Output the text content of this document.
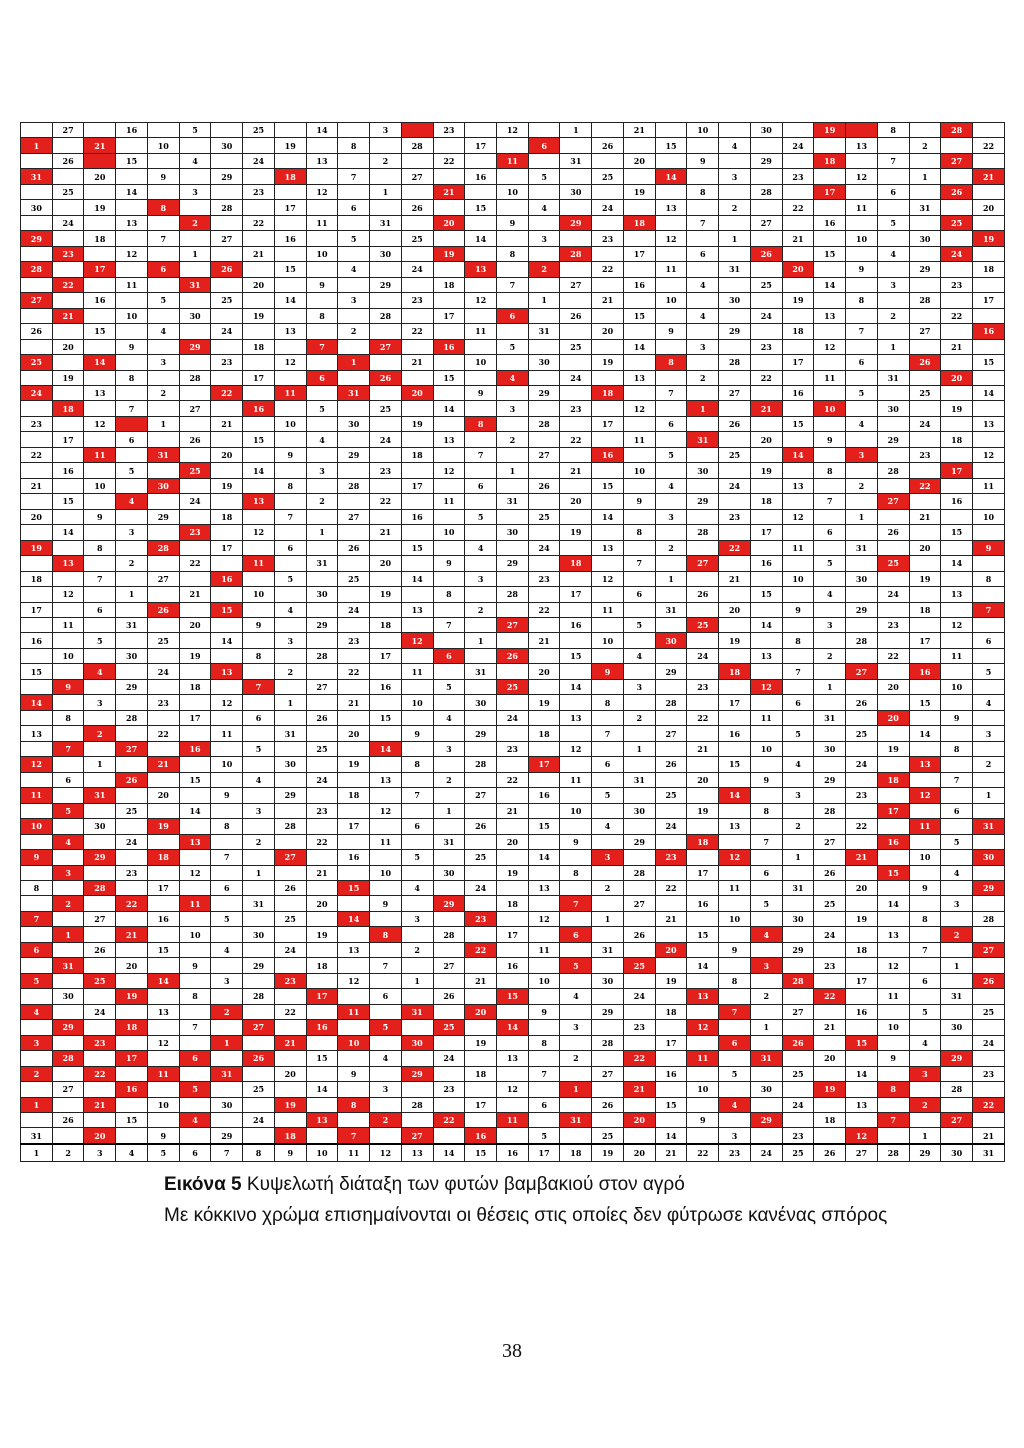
	27		16		5		25		14		3		23		12		1		21		10		30		19		8		28	
1		21		10		30		19		8		28		17		6		26		15		4		24		13		2		22
	26		15		4		24		13		2		22		11		31		20		9		29		18		7		27	
31		20		9		29		18		7		27		16		5		25		14		3		23		12		1		21
	25		14		3		23		12		1		21		10		30		19		8		28		17		6		26	
30		19		8		28		17		6		26		15		4		24		13		2		22		11		31		20
	24		13		2		22		11		31		20		9		29		18		7		27		16		5		25	
29		18		7		27		16		5		25		14		3		23		12		1		21		10		30		19
	23		12		1		21		10		30		19		8		28		17		6		26		15		4		24	
28		17		6		26		15		4		24		13		2		22		11		31		20		9		29		18
	22		11		31		20		9		29		18		7		27		16		4		25		14		3		23	
27		16		5		25		14		3		23		12		1		21		10		30		19		8		28		17
	21		10		30		19		8		28		17		6		26		15		4		24		13		2		22	
26		15		4		24		13		2		22		11		31		20		9		29		18		7		27		16
	20		9		29		18		7		27		16		5		25		14		3		23		12		1		21	
25		14		3		23		12		1		21		10		30		19		8		28		17		6		26		15
	19		8		28		17		6		26		15		4		24		13		2		22		11		31		20	
24		13		2		22		11		31		20		9		29		18		7		27		16		5		25		14
	18		7		27		16		5		25		14		3		23		12		1		21		10		30		19	
23		12		1		21		10		30		19		8		28		17		6		26		15		4		24		13
	17		6		26		15		4		24		13		2		22		11		31		20		9		29		18	
22		11		31		20		9		29		18		7		27		16		5		25		14		3		23		12
	16		5		25		14		3		23		12		1		21		10		30		19		8		28		17	
21		10		30		19		8		28		17		6		26		15		4		24		13		2		22		11
	15		4		24		13		2		22		11		31		20		9		29		18		7		27		16	
20		9		29		18		7		27		16		5		25		14		3		23		12		1		21		10
	14		3		23		12		1		21		10		30		19		8		28		17		6		26		15	
19		8		28		17		6		26		15		4		24		13		2		22		11		31		20		9
	13		2		22		11		31		20		9		29		18		7		27		16		5		25		14	
18		7		27		16		5		25		14		3		23		12		1		21		10		30		19		8
	12		1		21		10		30		19		8		28		17		6		26		15		4		24		13	
17		6		26		15		4		24		13		2		22		11		31		20		9		29		18		7
	11		31		20		9		29		18		7		27		16		5		25		14		3		23		12	
16		5		25		14		3		23		12		1		21		10		30		19		8		28		17		6
	10		30		19		8		28		17		6		26		15		4		24		13		2		22		11	
15		4		24		13		2		22		11		31		20		9		29		18		7		27		16		5
	9		29		18		7		27		16		5		25		14		3		23		12		1		20		10	
14		3		23		12		1		21		10		30		19		8		28		17		6		26		15		4
	8		28		17		6		26		15		4		24		13		2		22		11		31		20		9	
13		2		22		11		31		20		9		29		18		7		27		16		5		25		14		3
	7		27		16		5		25		14		3		23		12		1		21		10		30		19		8	
12		1		21		10		30		19		8		28		17		6		26		15		4		24		13		2
	6		26		15		4		24		13		2		22		11		31		20		9		29		18		7	
11		31		20		9		29		18		7		27		16		5		25		14		3		23		12		1
	5		25		14		3		23		12		1		21		10		30		19		8		28		17		6	
10		30		19		8		28		17		6		26		15		4		24		13		2		22		11		31
	4		24		13		2		22		11		31		20		9		29		18		7		27		16		5	
9		29		18		7		27		16		5		25		14		3		23		12		1		21		10		30
	3		23		12		1		21		10		30		19		8		28		17		6		26		15		4	
8		28		17		6		26		15		4		24		13		2		22		11		31		20		9		29
	2		22		11		31		20		9		29		18		7		27		16		5		25		14		3	
7		27		16		5		25		14		3		23		12		1		21		10		30		19		8		28
	1		21		10		30		19		8		28		17		6		26		15		4		24		13		2	
6		26		15		4		24		13		2		22		11		31		20		9		29		18		7		27
	31		20		9		29		18		7		27		16		5		25		14		3		23		12		1	
5		25		14		3		23		12		1		21		10		30		19		8		28		17		6		26
	30		19		8		28		17		6		26		15		4		24		13		2		22		11		31	
4		24		13		2		22		11		31		20		9		29		18		7		27		16		5		25
	29		18		7		27		16		5		25		14		3		23		12		1		21		10		30	
3		23		12		1		21		10		30		19		8		28		17		6		26		15		4		24
	28		17		6		26		15		4		24		13		2		22		11		31		20		9		29	
2		22		11		31		20		9		29		18		7		27		16		5		25		14		3		23
	27		16		5		25		14		3		23		12		1		21		10		30		19		8		28	
1		21		10		30		19		8		28		17		6		26		15		4		24		13		2		22
	26		15		4		24		13		2		22		11		31		20		9		29		18		7		27	
31		20		9		29		18		7		27		16		5		25		14		3		23		12		1		21
1	2	3	4	5	6	7	8	9	10	11	12	13	14	15	16	17	18	19	20	21	22	23	24	25	26	27	28	29	30	31

Εικόνα 5 Κυψελωτή διάταξη των φυτών βαμβακιού στον αγρό

Με κόκκινο χρώμα επισημαίνονται οι θέσεις στις οποίες δεν φύτρωσε κανένας σπόρος

38
